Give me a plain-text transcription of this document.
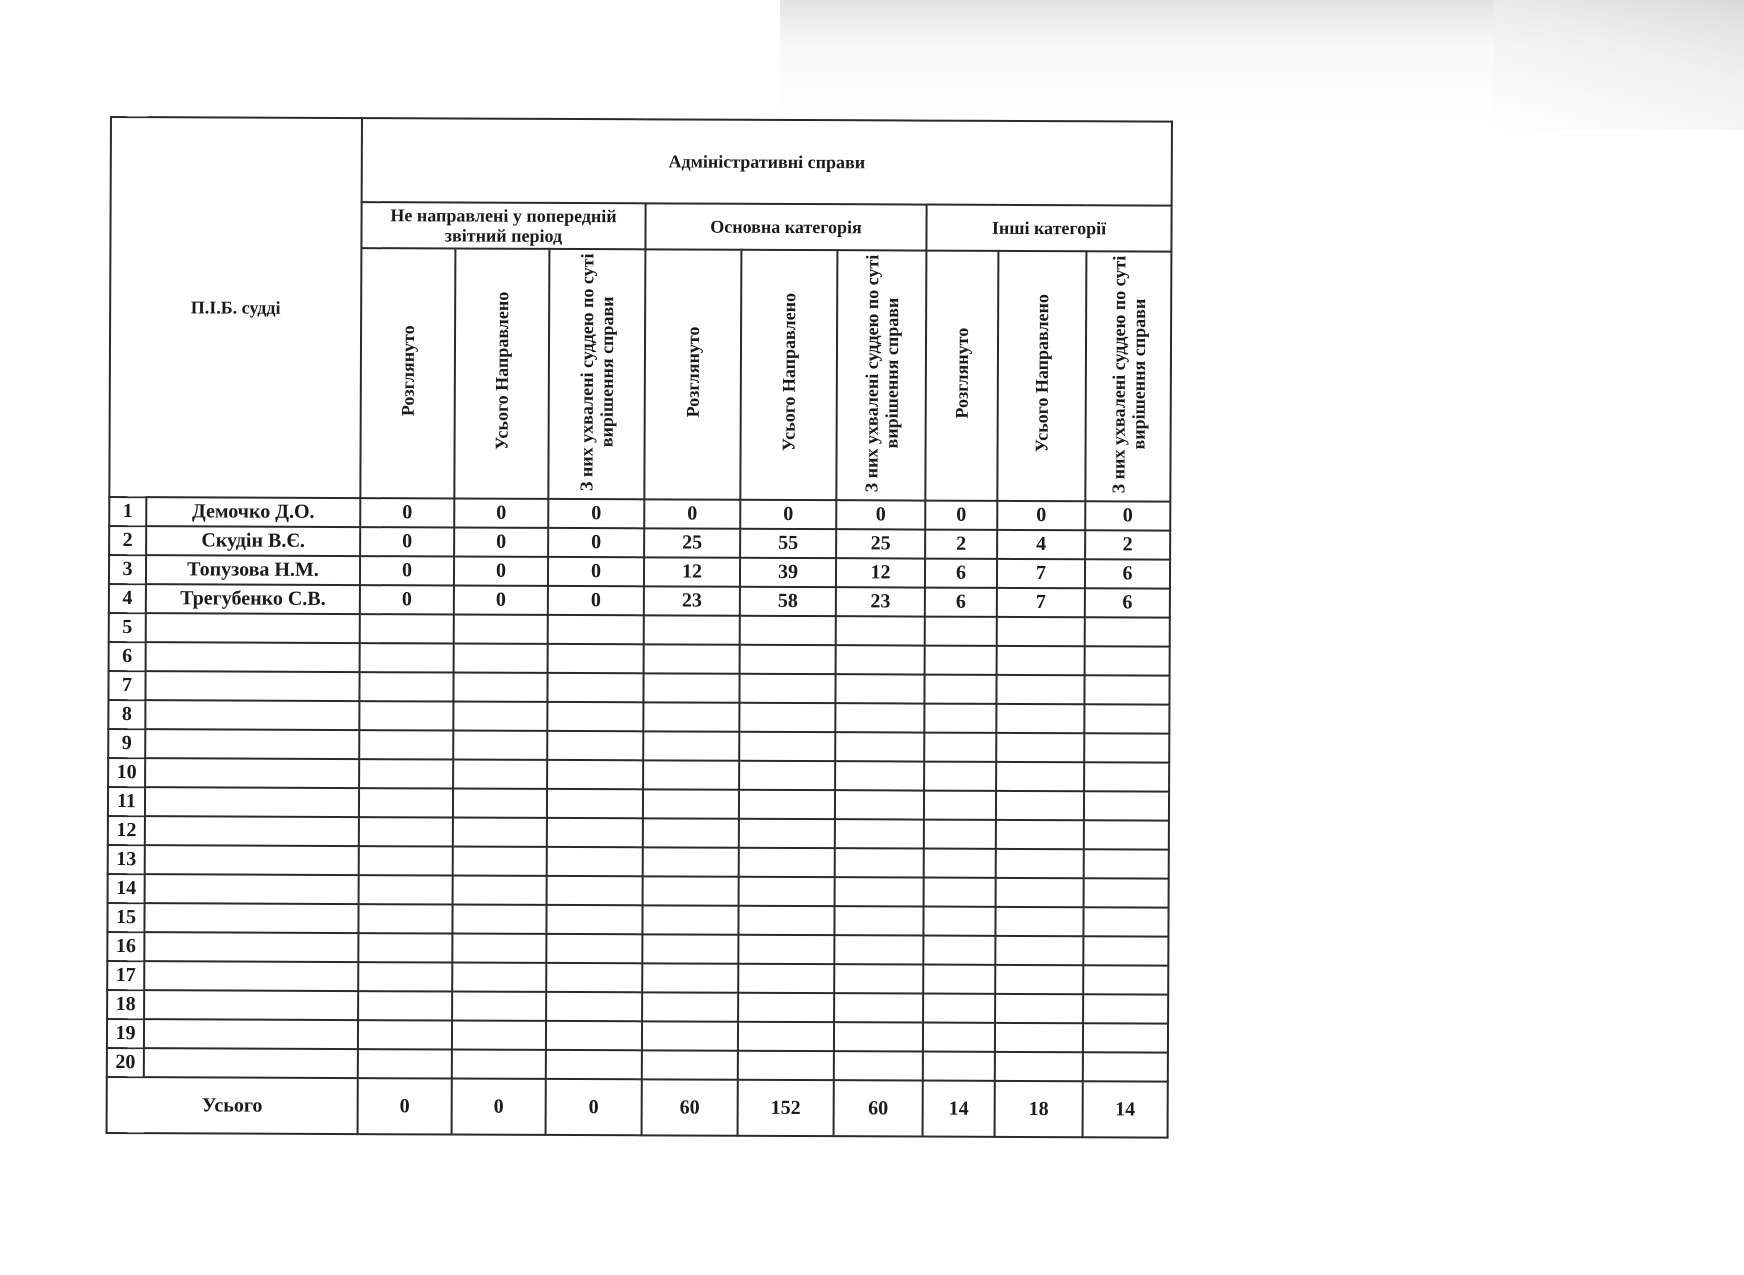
П.І.Б. судді		Адміністративні справи								
		Не направлені у попередній звітний період			Основна категорія			Інші категорії		
		Розглянуто	Усього Направлено	З них ухвалені суддею по суті вирішення справи	Розглянуто	Усього Направлено	З них ухвалені суддею по суті вирішення справи	Розглянуто	Усього Направлено	З них ухвалені суддею по суті вирішення справи
1	Демочко Д.О.	0	0	0	0	0	0	0	0	0
2	Скудін В.Є.	0	0	0	25	55	25	2	4	2
3	Топузова Н.М.	0	0	0	12	39	12	6	7	6
4	Трегубенко С.В.	0	0	0	23	58	23	6	7	6
5										
6										
7										
8										
9										
10										
11										
12										
13										
14										
15										
16										
17										
18										
19										
20										
Усього		0	0	0	60	152	60	14	18	14
